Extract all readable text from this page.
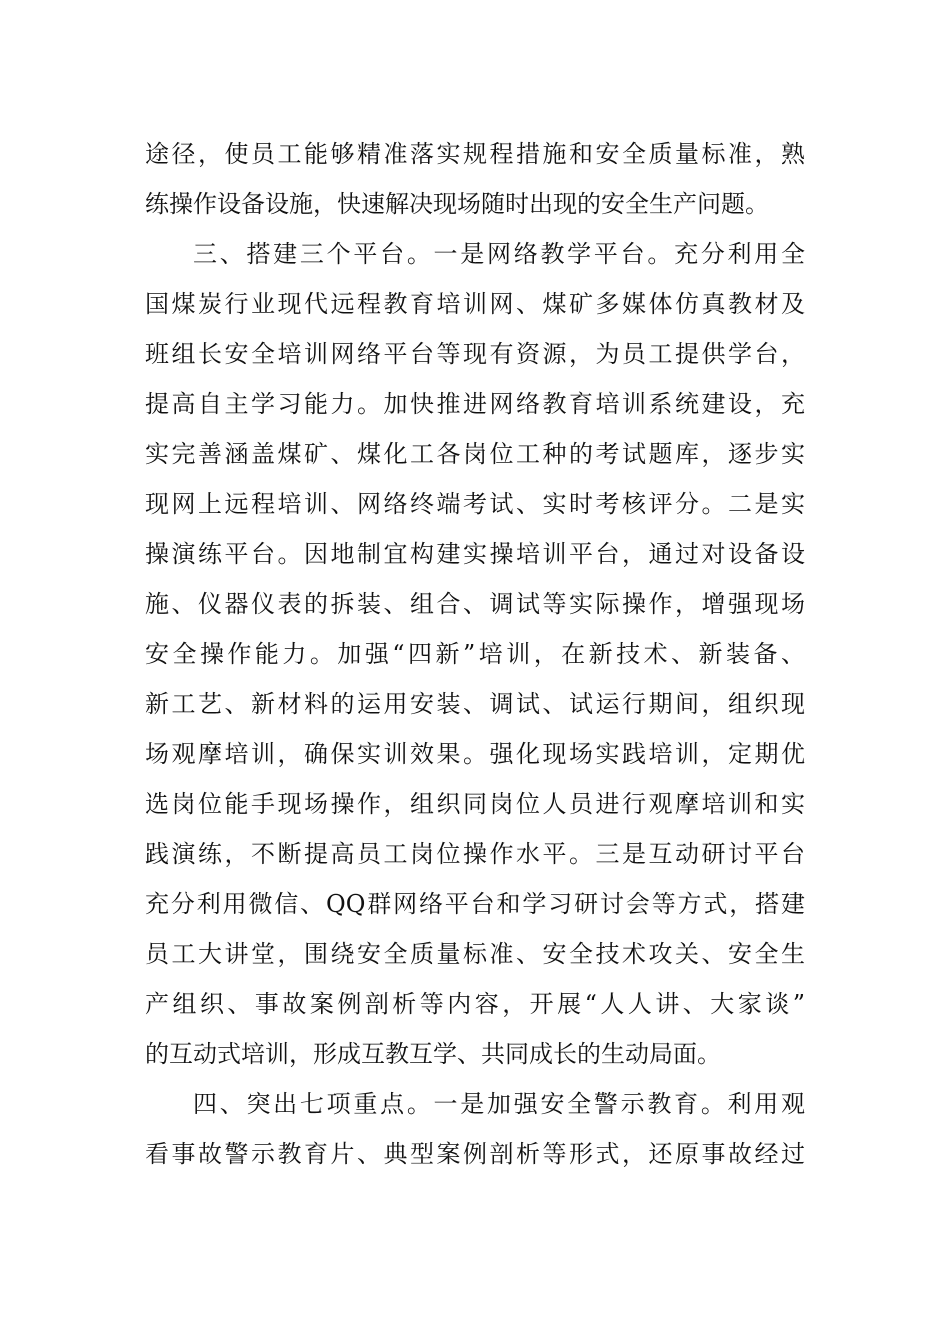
途径，使员工能够精准落实规程措施和安全质量标准，熟
练操作设备设施，快速解决现场随时出现的安全生产问题。
三、搭建三个平台。一是网络教学平台。充分利用全
国煤炭行业现代远程教育培训网、煤矿多媒体仿真教材及
班组长安全培训网络平台等现有资源，为员工提供学台，
提高自主学习能力。加快推进网络教育培训系统建设，充
实完善涵盖煤矿、煤化工各岗位工种的考试题库，逐步实
现网上远程培训、网络终端考试、实时考核评分。二是实
操演练平台。因地制宜构建实操培训平台，通过对设备设
施、仪器仪表的拆装、组合、调试等实际操作，增强现场
安全操作能力。加强“四新”培训，在新技术、新装备、
新工艺、新材料的运用安装、调试、试运行期间，组织现
场观摩培训，确保实训效果。强化现场实践培训，定期优
选岗位能手现场操作，组织同岗位人员进行观摩培训和实
践演练，不断提高员工岗位操作水平。三是互动研讨平台
充分利用微信、QQ群网络平台和学习研讨会等方式，搭建
员工大讲堂，围绕安全质量标准、安全技术攻关、安全生
产组织、事故案例剖析等内容，开展“人人讲、大家谈”
的互动式培训，形成互教互学、共同成长的生动局面。
四、突出七项重点。一是加强安全警示教育。利用观
看事故警示教育片、典型案例剖析等形式，还原事故经过
